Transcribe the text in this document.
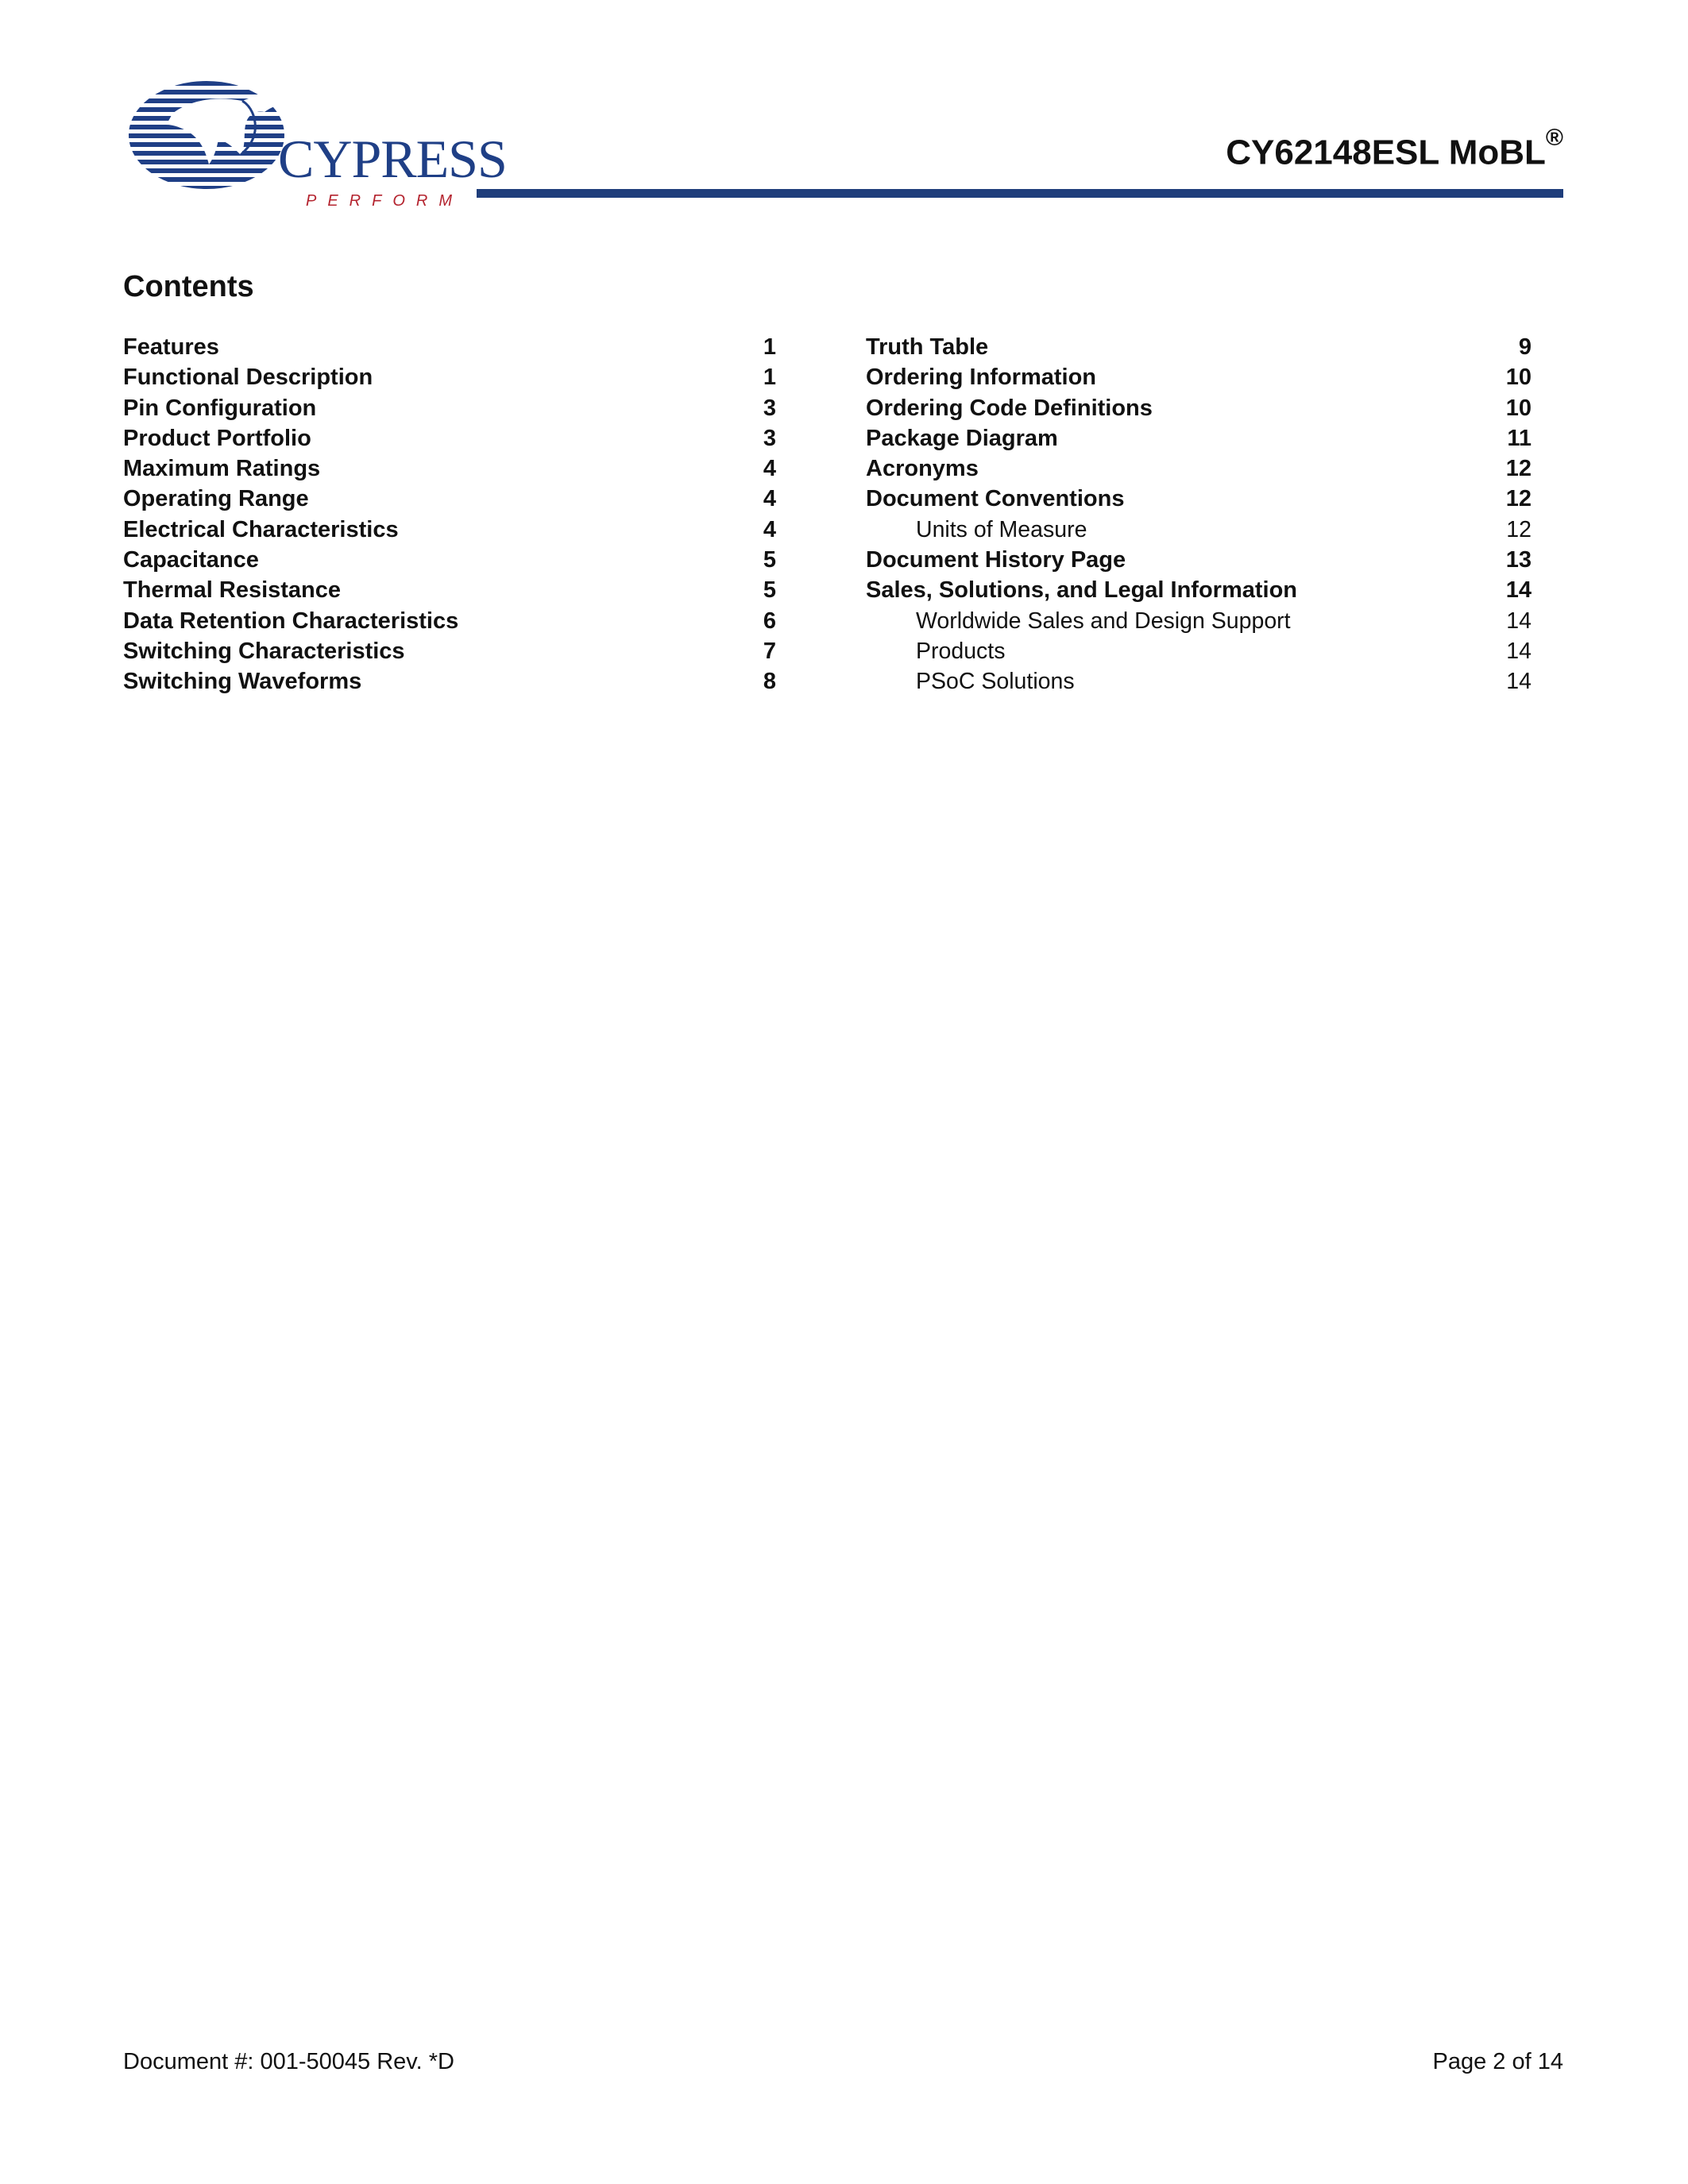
CYPRESS
PERFORM
CY62148ESL MoBL®
Contents
Features	1
Functional Description	1
Pin Configuration	3
Product Portfolio	3
Maximum Ratings	4
Operating Range	4
Electrical Characteristics	4
Capacitance	5
Thermal Resistance	5
Data Retention Characteristics	6
Switching Characteristics	7
Switching Waveforms	8
Truth Table	9
Ordering Information	10
Ordering Code Definitions	10
Package Diagram	11
Acronyms	12
Document Conventions	12
Units of Measure	12
Document History Page	13
Sales, Solutions, and Legal Information	14
Worldwide Sales and Design Support	14
Products	14
PSoC Solutions	14
Document #: 001-50045 Rev. *D	Page 2 of 14
